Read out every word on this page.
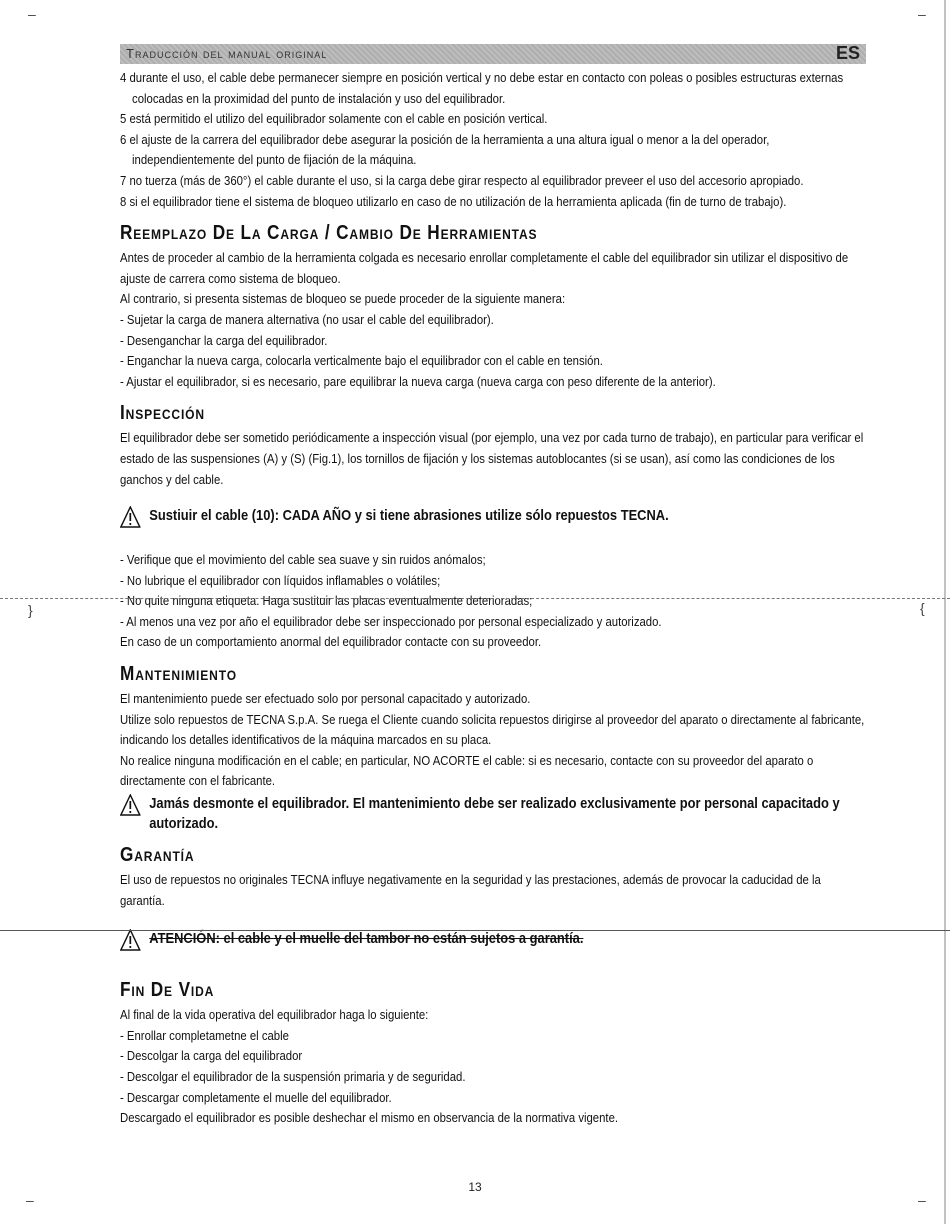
Traducción del manual original	ES

4 durante el uso, el cable debe permanecer siempre en posición vertical y no debe estar en contacto con poleas o posibles estructuras externas colocadas en la proximidad del punto de instalación y uso del equilibrador.

5 está permitido el utilizo del equilibrador solamente con el cable en posición vertical.

6 el ajuste de la carrera del equilibrador debe asegurar la posición de la herramienta a una altura igual o menor a la del operador, independientemente del punto de fijación de la máquina.

7 no tuerza (más de 360°) el cable durante el uso, si la carga debe girar respecto al equilibrador preveer el uso del accesorio apropiado.

8 si el equilibrador tiene el sistema de bloqueo utilizarlo en caso de no utilización de la herramienta aplicada (fin de turno de trabajo).

Reemplazo De La Carga / Cambio De Herramientas

Antes de proceder al cambio de la herramienta colgada es necesario enrollar completamente el cable del equilibrador sin utilizar el dispositivo de ajuste de carrera como sistema de bloqueo.

Al contrario, si presenta sistemas de bloqueo se puede proceder de la siguiente manera:

- Sujetar la carga de manera alternativa (no usar el cable del equilibrador).

- Desenganchar la carga del equilibrador.

- Enganchar la nueva carga, colocarla verticalmente bajo el equilibrador con el cable en tensión.

- Ajustar el equilibrador, si es necesario, pare equilibrar la nueva carga (nueva carga con peso diferente de la anterior).

Inspección

El equilibrador debe ser sometido periódicamente a inspección visual (por ejemplo, una vez por cada turno de trabajo), en particular para verificar el estado de las suspensiones (A) y (S) (Fig.1), los tornillos de fijación y los sistemas autoblocantes (si se usan), así como las condiciones de los ganchos y del cable.

Sustiuir el cable (10): CADA AÑO y si tiene abrasiones utilize sólo repuestos TECNA.

- Verifique que el movimiento del cable sea suave y sin ruidos anómalos;

- No lubrique el equilibrador con líquidos inflamables o volátiles;

- No quite ninguna etiqueta. Haga sustituir las placas eventualmente deterioradas;

- Al menos una vez por año el equilibrador debe ser inspeccionado por personal especializado y autorizado.

En caso de un comportamiento anormal del equilibrador contacte con su proveedor.

Mantenimiento

El mantenimiento puede ser efectuado solo por personal capacitado y autorizado.

Utilize solo repuestos de TECNA S.p.A. Se ruega el Cliente cuando solicita repuestos dirigirse al proveedor del aparato o directamente al fabricante, indicando los detalles identificativos de la máquina marcados en su placa.

No realice ninguna modificación en el cable; en particular, NO ACORTE el cable: si es necesario, contacte con su proveedor del aparato o directamente con el fabricante.

Jamás desmonte el equilibrador. El mantenimiento debe ser realizado exclusivamente por personal capacitado y autorizado.
Garantía

El uso de repuestos no originales TECNA influye negativamente en la seguridad y las prestaciones, además de provocar la caducidad de la garantía.

ATENCIÓN: el cable y el muelle del tambor no están sujetos a garantía.
Fin De Vida

Al final de la vida operativa del equilibrador haga lo siguiente:

- Enrollar completametne el cable

- Descolgar la carga del equilibrador

- Descolgar el equilibrador de la suspensión primaria y de seguridad.

- Descargar completamente el muelle del equilibrador.

Descargado el equilibrador es posible deshechar el mismo en observancia de la normativa vigente.

}	{
–	–
–	–
13
